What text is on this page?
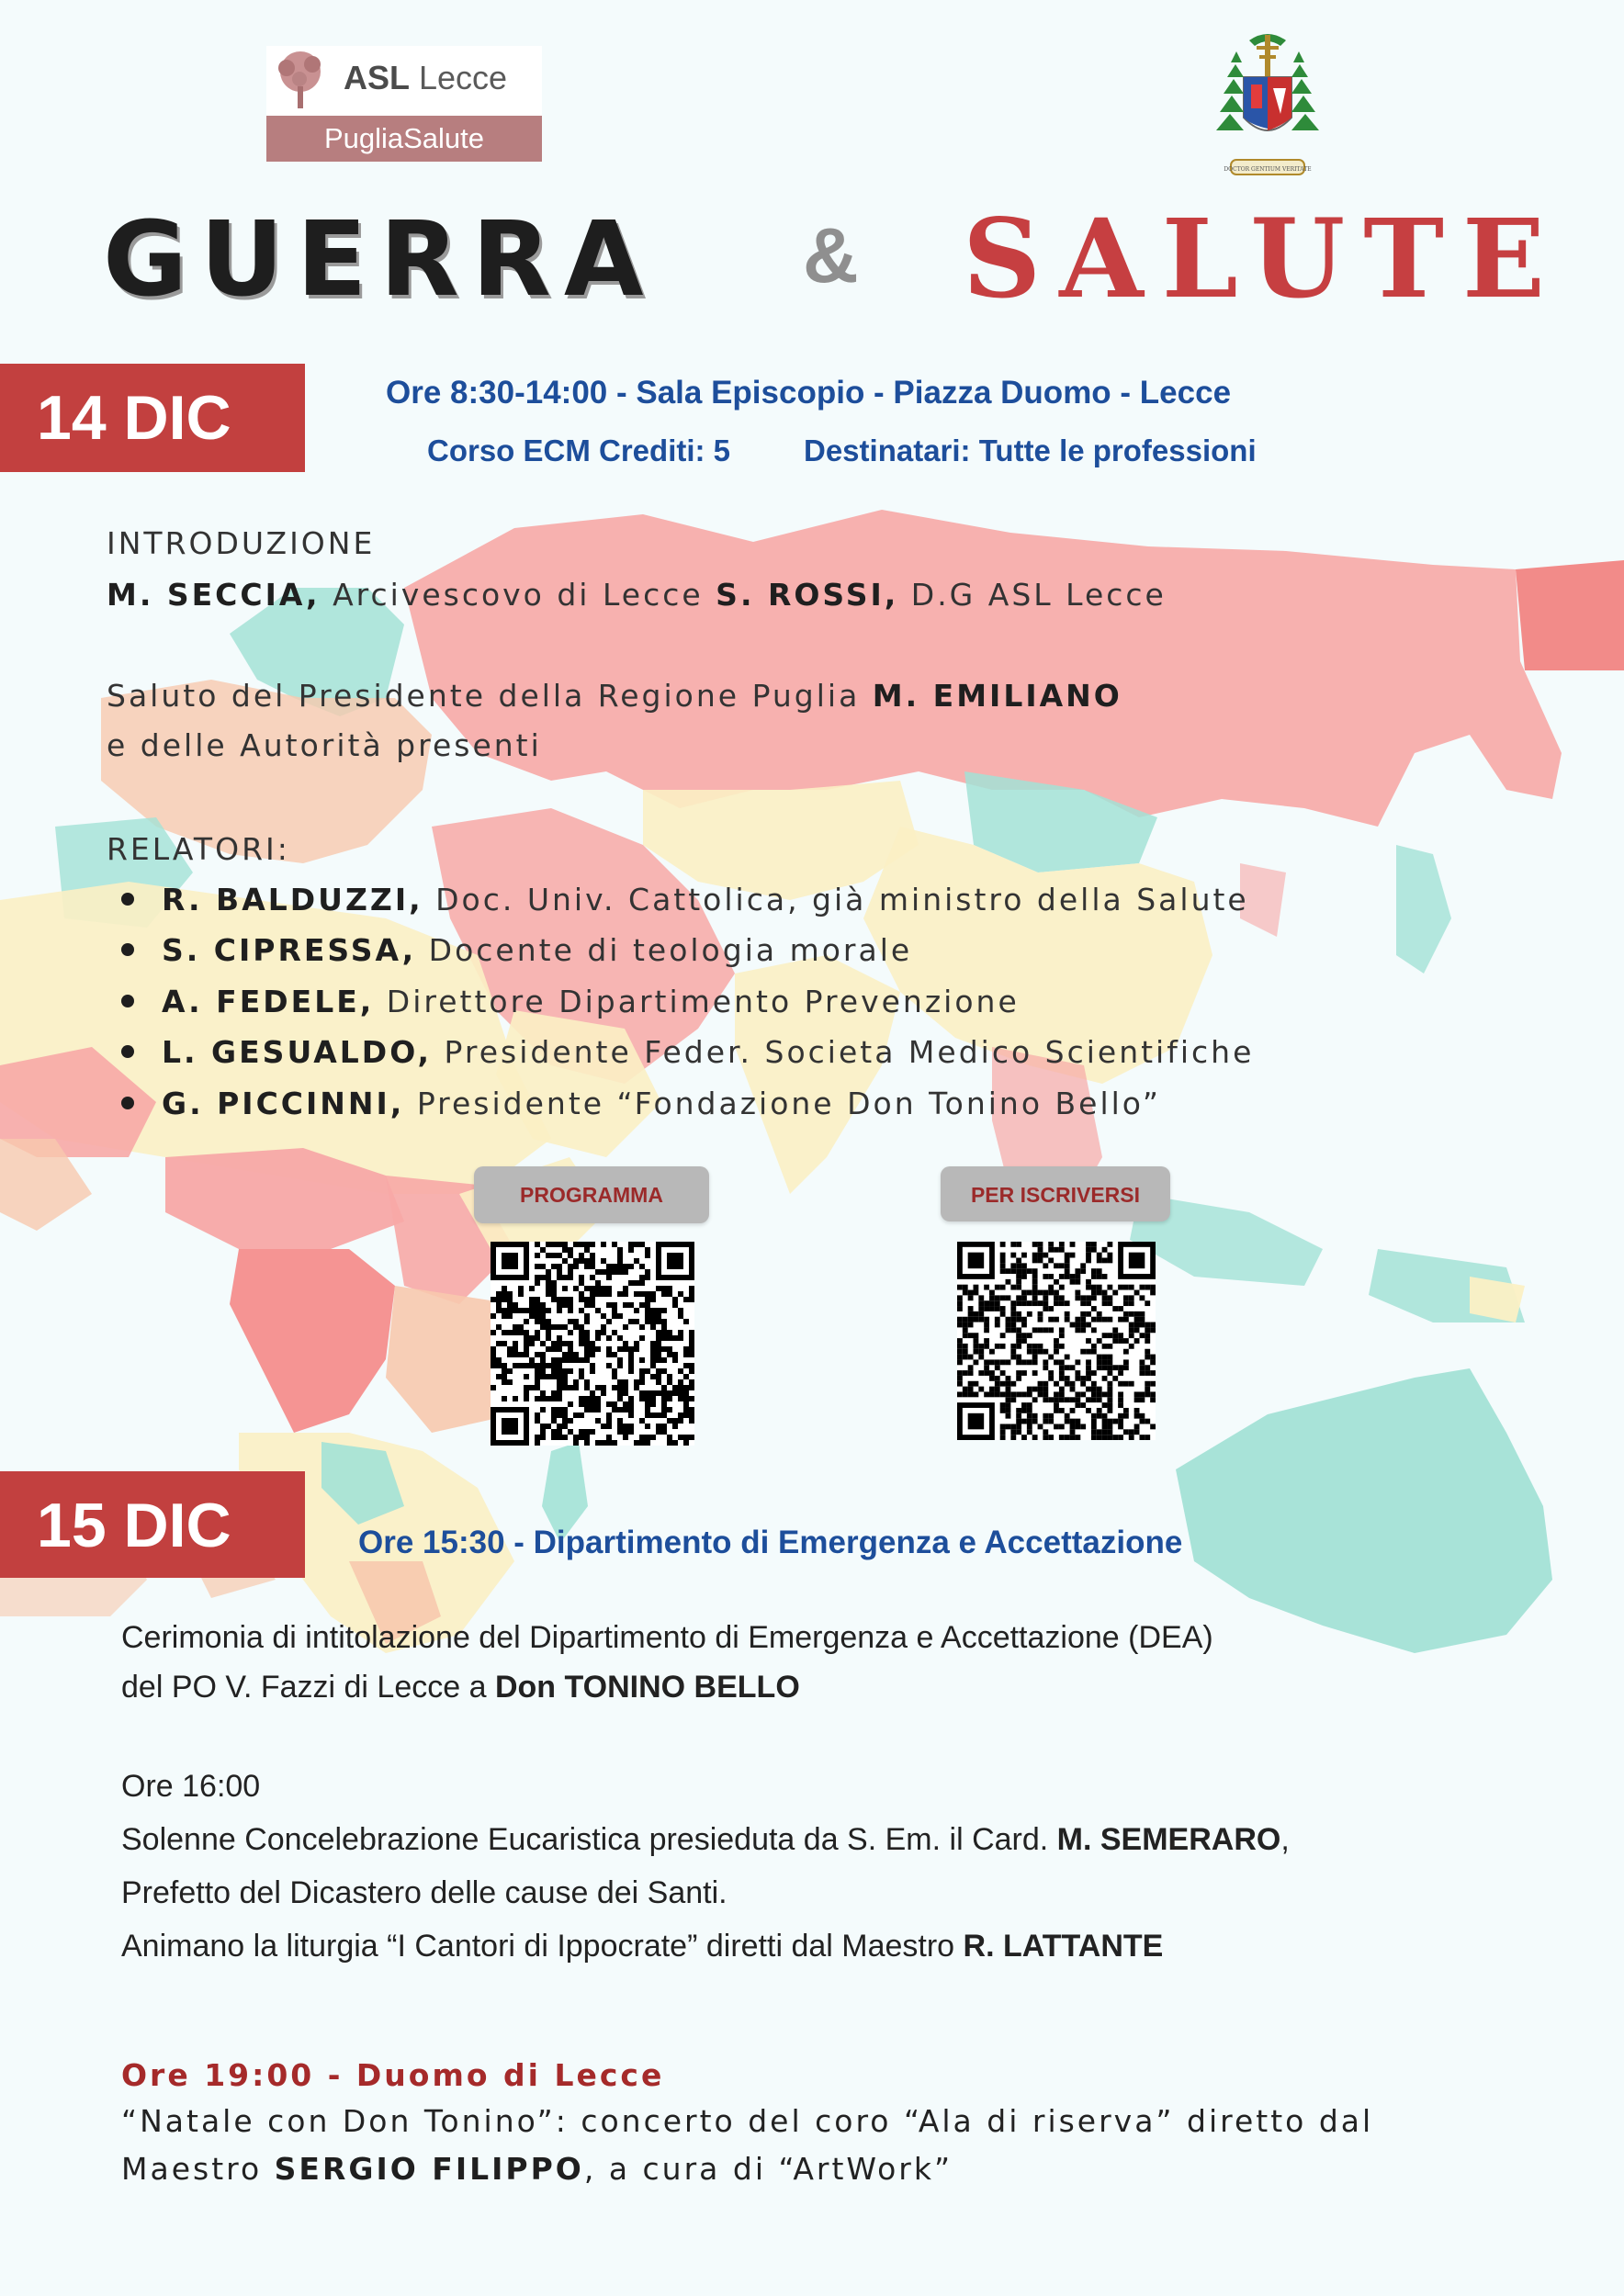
ASL Lecce
PugliaSalute
DOCTOR GENTIUM VERITATE
GUERRA & SALUTE
14 DIC	Ore 8:30-14:00 - Sala Episcopio - Piazza Duomo - Lecce
Corso ECM Crediti: 5 Destinatari: Tutte le professioni
INTRODUZIONE
M. SECCIA, Arcivescovo di Lecce S. ROSSI, D.G ASL Lecce
Saluto del Presidente della Regione Puglia M. EMILIANO
e delle Autorità presenti
RELATORI:
R. BALDUZZI, Doc. Univ. Cattolica, già ministro della Salute
S. CIPRESSA, Docente di teologia morale
A. FEDELE, Direttore Dipartimento Prevenzione
L. GESUALDO, Presidente Feder. Societa Medico Scientifiche
G. PICCINNI, Presidente “Fondazione Don Tonino Bello”
PROGRAMMA	PER ISCRIVERSI
15 DIC	Ore 15:30 - Dipartimento di Emergenza e Accettazione
Cerimonia di intitolazione del Dipartimento di Emergenza e Accettazione (DEA)
del PO V. Fazzi di Lecce a Don TONINO BELLO
Ore 16:00
Solenne Concelebrazione Eucaristica presieduta da S. Em. il Card. M. SEMERARO,
Prefetto del Dicastero delle cause dei Santi.
Animano la liturgia “I Cantori di Ippocrate” diretti dal Maestro R. LATTANTE
Ore 19:00 - Duomo di Lecce
“Natale con Don Tonino”: concerto del coro “Ala di riserva” diretto dal
Maestro SERGIO FILIPPO, a cura di “ArtWork”
